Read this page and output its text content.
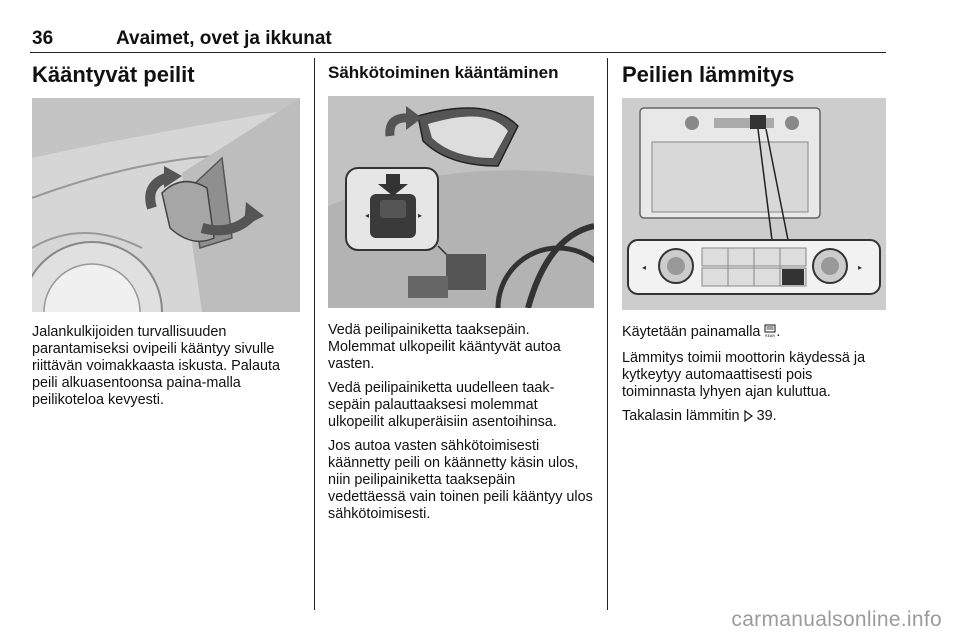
36	Avaimet, ovet ja ikkunat
Kääntyvät peilit

Jalankulkijoiden turvallisuuden parantamiseksi ovipeili kääntyy sivulle riittävän voimakkaasta iskusta. Palauta peili alkuasentoonsa paina-malla peilikoteloa kevyesti.

Sähkötoiminen kääntäminen
◂	▸

Vedä peilipainiketta taaksepäin. Molemmat ulkopeilit kääntyvät autoa vasten.

Vedä peilipainiketta uudelleen taak-sepäin palauttaaksesi molemmat ulkopeilit alkuperäisiin asentoihinsa.

Jos autoa vasten sähkötoimisesti käännetty peili on käännetty käsin ulos, niin peilipainiketta taaksepäin vedettäessä vain toinen peili kääntyy ulos sähkötoimisesti.

Peilien lämmitys
◂	▸

Käytetään painamalla REAR .

Lämmitys toimii moottorin käydessä ja kytkeytyy automaattisesti pois toiminnasta lyhyen ajan kuluttua.

Takalasin lämmitin 39.

carmanualsonline.info
